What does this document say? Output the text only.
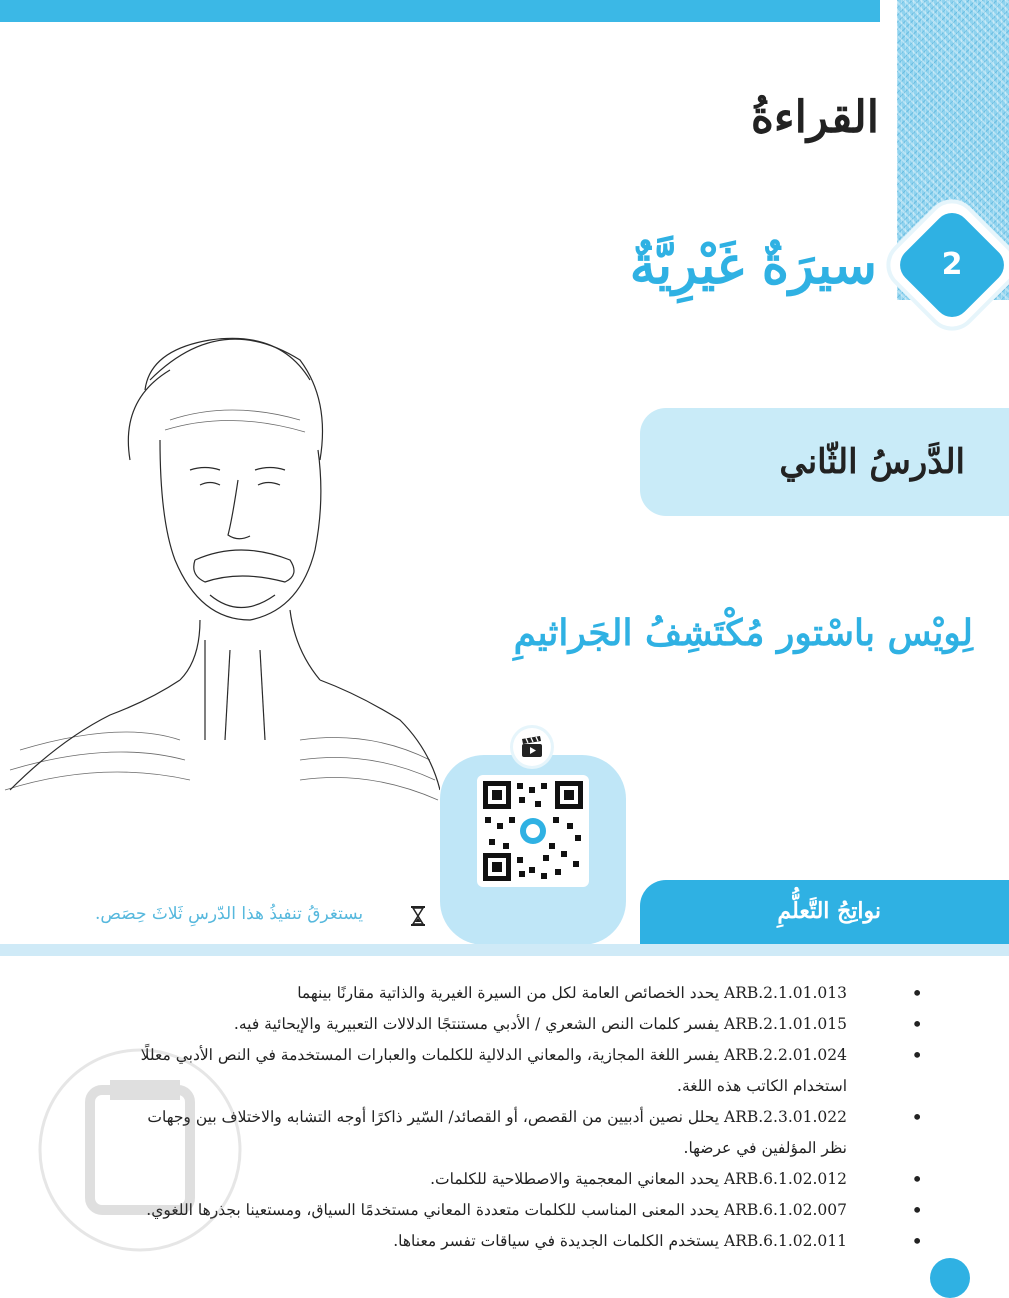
القراءةُ
2
سيرَةٌ غَيْرِيَّةٌ
الدَّرسُ الثّاني
لِويْس باسْتور مُكْتَشِفُ الجَراثيمِ

يستغرقُ تنفيذُ هذا الدّرسِ ثَلاثَ حِصَص.	نواتِجُ التَّعلُّمِ
• ARB.2.1.01.013 يحدد الخصائص العامة لكل من السيرة الغيرية والذاتية مقارنًا بينهما
• ARB.2.1.01.015 يفسر كلمات النص الشعري / الأدبي مستنتجًا الدلالات التعبيرية والإيحائية فيه.
• ARB.2.2.01.024 يفسر اللغة المجازية، والمعاني الدلالية للكلمات والعبارات المستخدمة في النص الأدبي معللًا استخدام الكاتب هذه اللغة.
• ARB.2.3.01.022 يحلل نصين أدبيين من القصص، أو القصائد/ السّير ذاكرًا أوجه التشابه والاختلاف بين وجهات نظر المؤلفين في عرضها.
• ARB.6.1.02.012 يحدد المعاني المعجمية والاصطلاحية للكلمات.
• ARB.6.1.02.007 يحدد المعنى المناسب للكلمات متعددة المعاني مستخدمًا السياق، ومستعينا بجذرها اللغوي.
• ARB.6.1.02.011 يستخدم الكلمات الجديدة في سياقات تفسر معناها.
